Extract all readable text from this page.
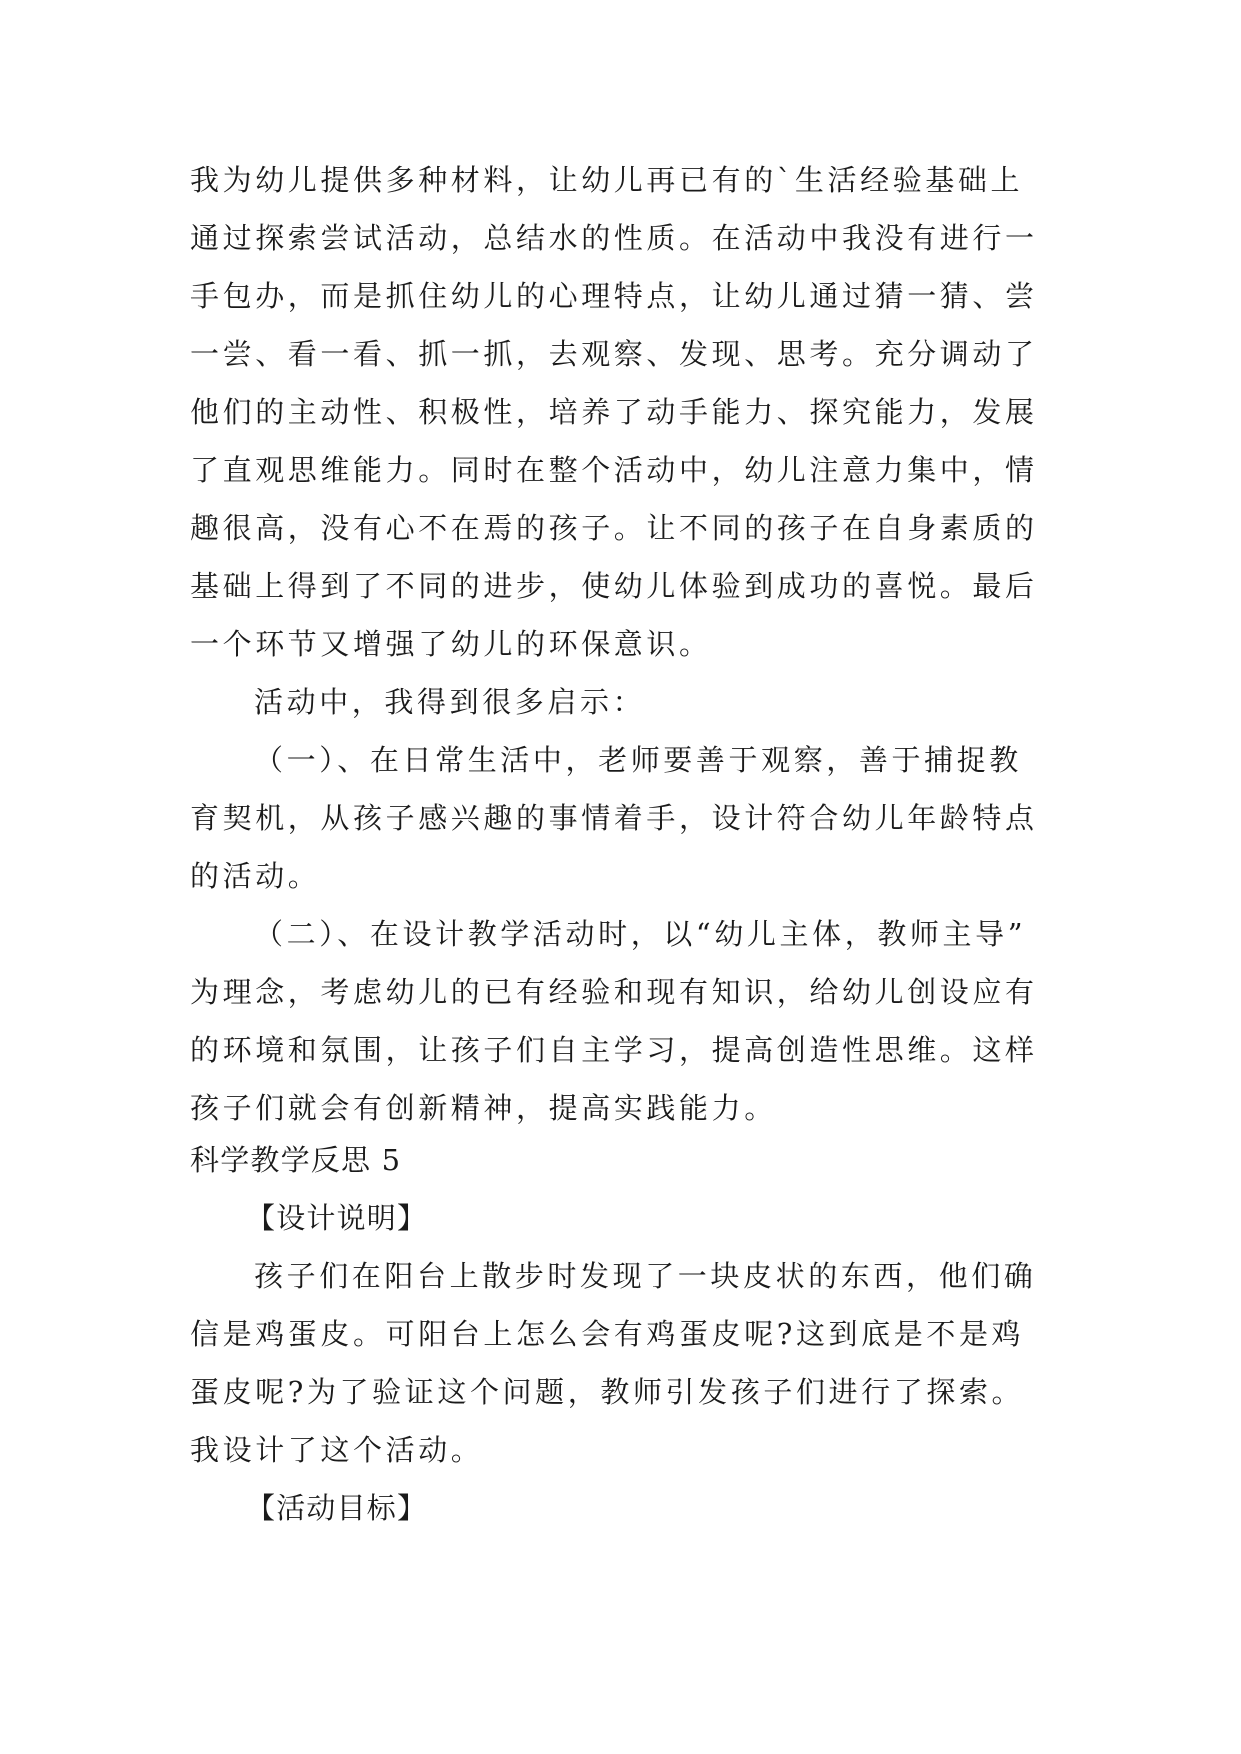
我为幼儿提供多种材料，让幼儿再已有的`生活经验基础上
通过探索尝试活动，总结水的性质。在活动中我没有进行一
手包办，而是抓住幼儿的心理特点，让幼儿通过猜一猜、尝
一尝、看一看、抓一抓，去观察、发现、思考。充分调动了
他们的主动性、积极性，培养了动手能力、探究能力，发展
了直观思维能力。同时在整个活动中，幼儿注意力集中，情
趣很高，没有心不在焉的孩子。让不同的孩子在自身素质的
基础上得到了不同的进步，使幼儿体验到成功的喜悦。最后
一个环节又增强了幼儿的环保意识。
活动中，我得到很多启示：
（一）、在日常生活中，老师要善于观察，善于捕捉教
育契机，从孩子感兴趣的事情着手，设计符合幼儿年龄特点
的活动。
（二）、在设计教学活动时，以“幼儿主体，教师主导”
为理念，考虑幼儿的已有经验和现有知识，给幼儿创设应有
的环境和氛围，让孩子们自主学习，提高创造性思维。这样
孩子们就会有创新精神，提高实践能力。
科学教学反思 5
【设计说明】
孩子们在阳台上散步时发现了一块皮状的东西，他们确
信是鸡蛋皮。可阳台上怎么会有鸡蛋皮呢?这到底是不是鸡
蛋皮呢?为了验证这个问题，教师引发孩子们进行了探索。
我设计了这个活动。
【活动目标】
